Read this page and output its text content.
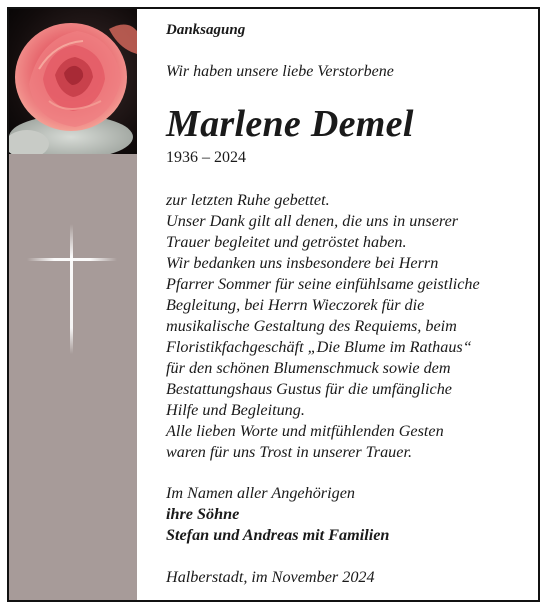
Danksagung
Wir haben unsere liebe Verstorbene
Marlene Demel
1936 – 2024
zur letzten Ruhe gebettet.
Unser Dank gilt all denen, die uns in unserer
Trauer begleitet und getröstet haben.
Wir bedanken uns insbesondere bei Herrn
Pfarrer Sommer für seine einfühlsame geistliche
Begleitung, bei Herrn Wieczorek für die
musikalische Gestaltung des Requiems, beim
Floristikfachgeschäft „Die Blume im Rathaus“
für den schönen Blumenschmuck sowie dem
Bestattungshaus Gustus für die umfängliche
Hilfe und Begleitung.
Alle lieben Worte und mitfühlenden Gesten
waren für uns Trost in unserer Trauer.
Im Namen aller Angehörigen
ihre Söhne
Stefan und Andreas mit Familien
Halberstadt, im November 2024
